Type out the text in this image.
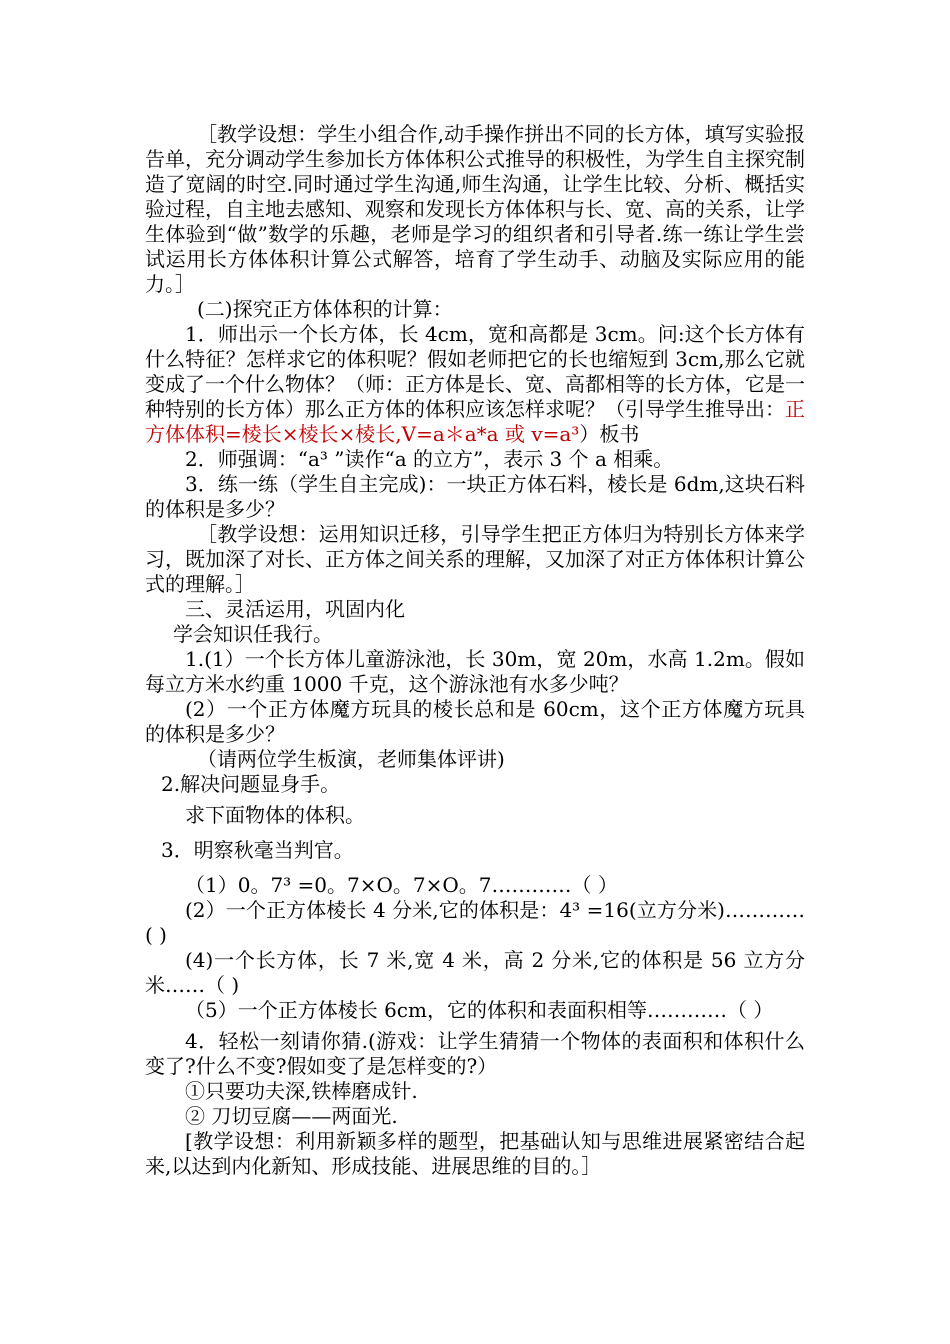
［教学设想：学生小组合作,动手操作拼出不同的长方体，填写实验报告单，充分调动学生参加长方体体积公式推导的积极性，为学生自主探究制造了宽阔的时空.同时通过学生沟通,师生沟通，让学生比较、分析、概括实验过程，自主地去感知、观察和发现长方体体积与长、宽、高的关系，让学生体验到“做”数学的乐趣，老师是学习的组织者和引导者.练一练让学生尝试运用长方体体积计算公式解答，培育了学生动手、动脑及实际应用的能力。］

(二)探究正方体体积的计算：

1．师出示一个长方体，长 4cm，宽和高都是 3cm。问:这个长方体有什么特征？怎样求它的体积呢？假如老师把它的长也缩短到 3cm,那么它就变成了一个什么物体？（师：正方体是长、宽、高都相等的长方体，它是一种特别的长方体）那么正方体的体积应该怎样求呢？（引导学生推导出：正方体体积=棱长×棱长×棱长,V=a＊a*a 或 v=a³）板书

2．师强调：“a³ ”读作“a 的立方”，表示 3 个 a 相乘。

3．练一练（学生自主完成)：一块正方体石料，棱长是 6dm,这块石料的体积是多少？

［教学设想：运用知识迁移，引导学生把正方体归为特别长方体来学习，既加深了对长、正方体之间关系的理解，又加深了对正方体体积计算公式的理解。］

三、灵活运用，巩固内化

学会知识任我行。

1.(1）一个长方体儿童游泳池，长 30m，宽 20m，水高 1.2m。假如每立方米水约重 1000 千克，这个游泳池有水多少吨？

(2）一个正方体魔方玩具的棱长总和是 60cm，这个正方体魔方玩具的体积是多少？

（请两位学生板演，老师集体评讲)

2.解决问题显身手。

求下面物体的体积。

3．明察秋毫当判官。

（1）0。7³ =0。7×O。7×O。7…………（ ）

(2）一个正方体棱长 4 分米,它的体积是：4³ =16(立方分米)…………( )

(4)一个长方体，长 7 米,宽 4 米，高 2 分米,它的体积是 56 立方分米……（ )

（5）一个正方体棱长 6cm，它的体积和表面积相等…………（ ）

4．轻松一刻请你猜.(游戏：让学生猜猜一个物体的表面积和体积什么变了?什么不变?假如变了是怎样变的?）

①只要功夫深,铁棒磨成针.

② 刀切豆腐——两面光.

[教学设想：利用新颖多样的题型，把基础认知与思维进展紧密结合起来,以达到内化新知、形成技能、进展思维的目的。］
